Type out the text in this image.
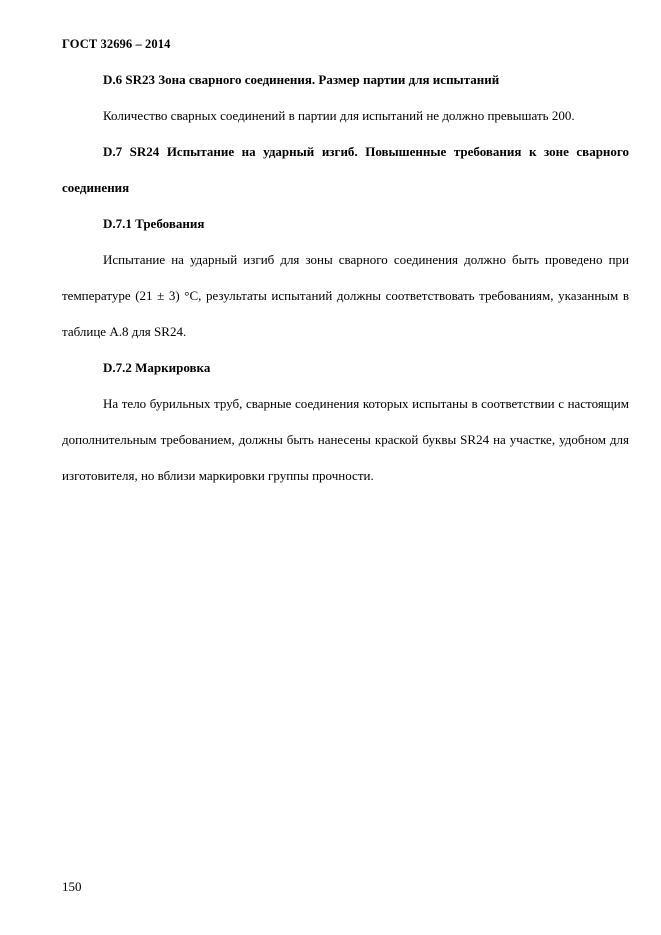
ГОСТ 32696 – 2014

D.6 SR23 Зона сварного соединения. Размер партии для испытаний

Количество сварных соединений в партии для испытаний не должно превышать 200.

D.7 SR24 Испытание на ударный изгиб. Повышенные требования к зоне сварного соединения

D.7.1 Требования

Испытание на ударный изгиб для зоны сварного соединения должно быть проведено при температуре (21 ± 3) °С, результаты испытаний должны соответствовать требованиям, указанным в таблице А.8 для SR24.

D.7.2 Маркировка

На тело бурильных труб, сварные соединения которых испытаны в соответствии с настоящим дополнительным требованием, должны быть нанесены краской буквы SR24 на участке, удобном для изготовителя, но вблизи маркировки группы прочности.

150
